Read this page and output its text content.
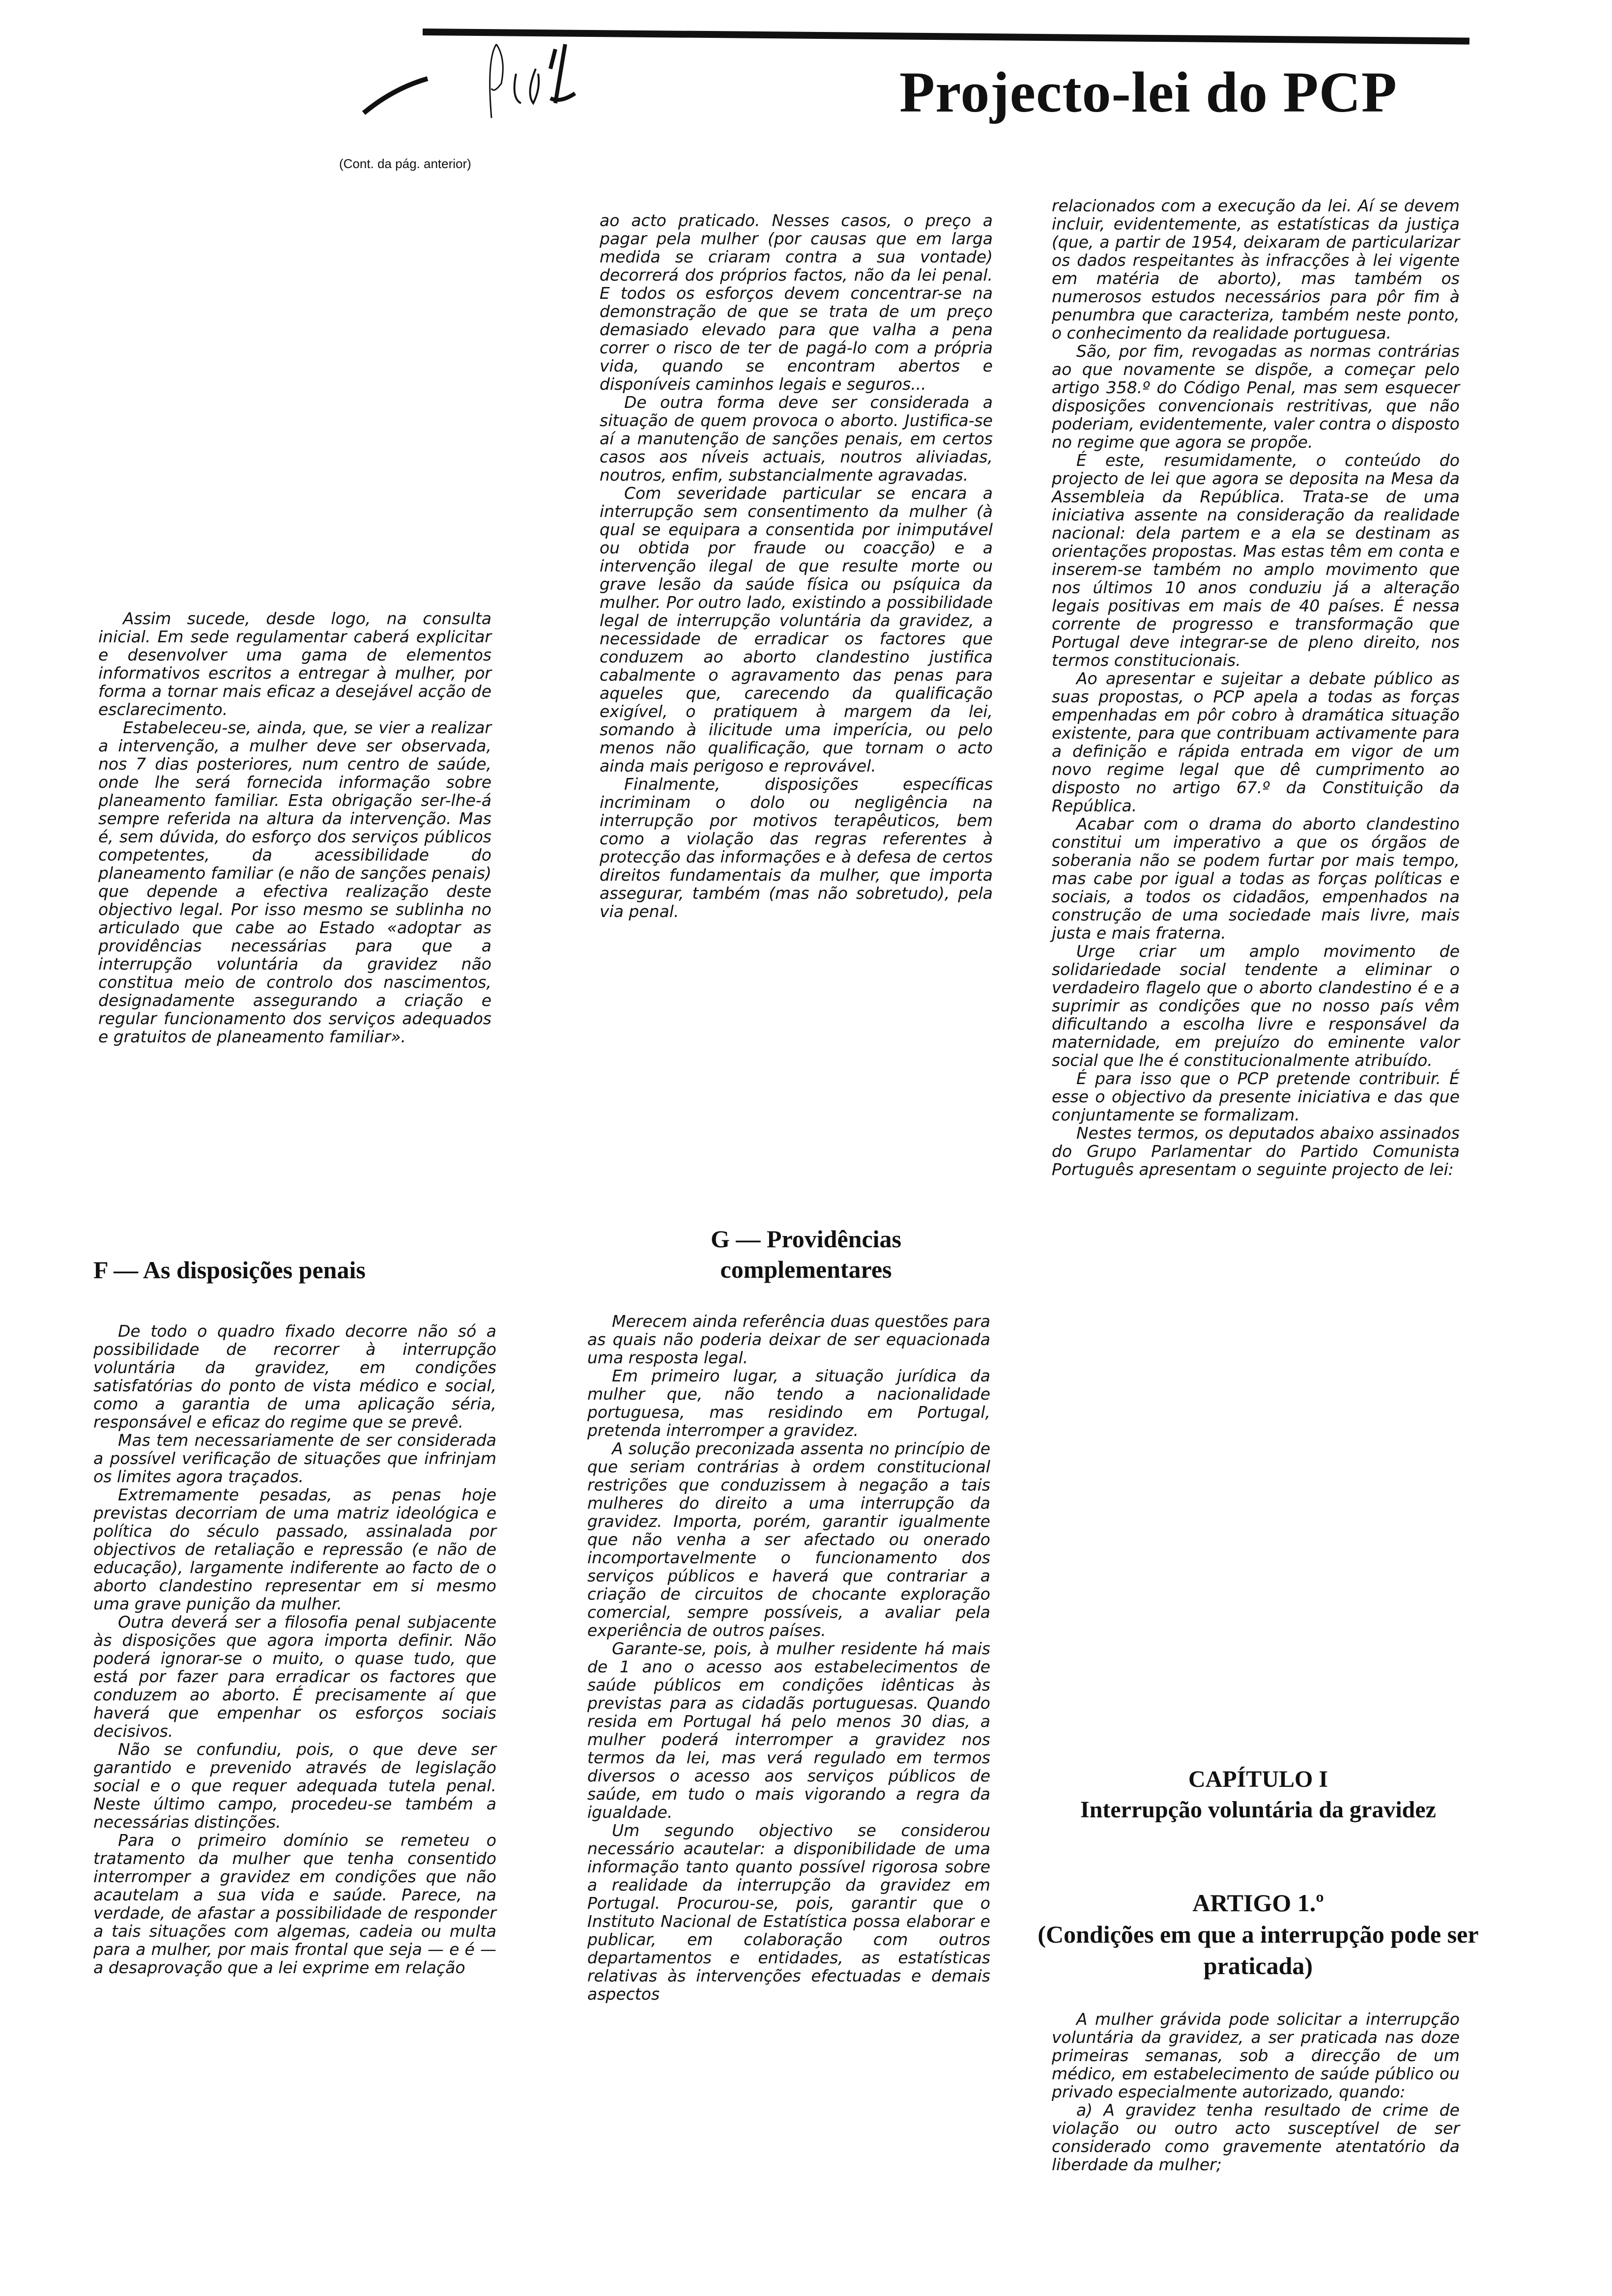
Projecto-lei do PCP
(Cont. da pág. anterior)

Assim sucede, desde logo, na consulta inicial. Em sede regulamentar caberá explicitar e desenvolver uma gama de elementos informativos escritos a entregar à mulher, por forma a tornar mais eficaz a desejável acção de esclarecimento.

Estabeleceu-se, ainda, que, se vier a realizar a intervenção, a mulher deve ser observada, nos 7 dias posteriores, num centro de saúde, onde lhe será fornecida informação sobre planeamento familiar. Esta obrigação ser-lhe-á sempre referida na altura da intervenção. Mas é, sem dúvida, do esforço dos serviços públicos competentes, da acessibilidade do planeamento familiar (e não de sanções penais) que depende a efectiva realização deste objectivo legal. Por isso mesmo se sublinha no articulado que cabe ao Estado «adoptar as providências necessárias para que a interrupção voluntária da gravidez não constitua meio de controlo dos nascimentos, designadamente assegurando a criação e regular funcionamento dos serviços adequados e gratuitos de planeamento familiar».

F — As disposições penais

De todo o quadro fixado decorre não só a possibilidade de recorrer à interrupção voluntária da gravidez, em condições satisfatórias do ponto de vista médico e social, como a garantia de uma aplicação séria, responsável e eficaz do regime que se prevê.

Mas tem necessariamente de ser considerada a possível verificação de situações que infrinjam os limites agora traçados.

Extremamente pesadas, as penas hoje previstas decorriam de uma matriz ideológica e política do século passado, assinalada por objectivos de retaliação e repressão (e não de educação), largamente indiferente ao facto de o aborto clandestino representar em si mesmo uma grave punição da mulher.

Outra deverá ser a filosofia penal subjacente às disposições que agora importa definir. Não poderá ignorar-se o muito, o quase tudo, que está por fazer para erradicar os factores que conduzem ao aborto. É precisamente aí que haverá que empenhar os esforços sociais decisivos.

Não se confundiu, pois, o que deve ser garantido e prevenido através de legislação social e o que requer adequada tutela penal. Neste último campo, procedeu-se também a necessárias distinções.

Para o primeiro domínio se remeteu o tratamento da mulher que tenha consentido interromper a gravidez em condições que não acautelam a sua vida e saúde. Parece, na verdade, de afastar a possibilidade de responder a tais situações com algemas, cadeia ou multa para a mulher, por mais frontal que seja — e é — a desaprovação que a lei exprime em relação

ao acto praticado. Nesses casos, o preço a pagar pela mulher (por causas que em larga medida se criaram contra a sua vontade) decorrerá dos próprios factos, não da lei penal. E todos os esforços devem concentrar-se na demonstração de que se trata de um preço demasiado elevado para que valha a pena correr o risco de ter de pagá-lo com a própria vida, quando se encontram abertos e disponíveis caminhos legais e seguros...

De outra forma deve ser considerada a situação de quem provoca o aborto. Justifica-se aí a manutenção de sanções penais, em certos casos aos níveis actuais, noutros aliviadas, noutros, enfim, substancialmente agravadas.

Com severidade particular se encara a interrupção sem consentimento da mulher (à qual se equipara a consentida por inimputável ou obtida por fraude ou coacção) e a intervenção ilegal de que resulte morte ou grave lesão da saúde física ou psíquica da mulher. Por outro lado, existindo a possibilidade legal de interrupção voluntária da gravidez, a necessidade de erradicar os factores que conduzem ao aborto clandestino justifica cabalmente o agravamento das penas para aqueles que, carecendo da qualificação exigível, o pratiquem à margem da lei, somando à ilicitude uma imperícia, ou pelo menos não qualificação, que tornam o acto ainda mais perigoso e reprovável.

Finalmente, disposições específicas incriminam o dolo ou negligência na interrupção por motivos terapêuticos, bem como a violação das regras referentes à protecção das informações e à defesa de certos direitos fundamentais da mulher, que importa assegurar, também (mas não sobretudo), pela via penal.

G — Providências
complementares

Merecem ainda referência duas questões para as quais não poderia deixar de ser equacionada uma resposta legal.

Em primeiro lugar, a situação jurídica da mulher que, não tendo a nacionalidade portuguesa, mas residindo em Portugal, pretenda interromper a gravidez.

A solução preconizada assenta no princípio de que seriam contrárias à ordem constitucional restrições que conduzissem à negação a tais mulheres do direito a uma interrupção da gravidez. Importa, porém, garantir igualmente que não venha a ser afectado ou onerado incomportavelmente o funcionamento dos serviços públicos e haverá que contrariar a criação de circuitos de chocante exploração comercial, sempre possíveis, a avaliar pela experiência de outros países.

Garante-se, pois, à mulher residente há mais de 1 ano o acesso aos estabelecimentos de saúde públicos em condições idênticas às previstas para as cidadãs portuguesas. Quando resida em Portugal há pelo menos 30 dias, a mulher poderá interromper a gravidez nos termos da lei, mas verá regulado em termos diversos o acesso aos serviços públicos de saúde, em tudo o mais vigorando a regra da igualdade.

Um segundo objectivo se considerou necessário acautelar: a disponibilidade de uma informação tanto quanto possível rigorosa sobre a realidade da interrupção da gravidez em Portugal. Procurou-se, pois, garantir que o Instituto Nacional de Estatística possa elaborar e publicar, em colaboração com outros departamentos e entidades, as estatísticas relativas às intervenções efectuadas e demais aspectos

relacionados com a execução da lei. Aí se devem incluir, evidentemente, as estatísticas da justiça (que, a partir de 1954, deixaram de particularizar os dados respeitantes às infracções à lei vigente em matéria de aborto), mas também os numerosos estudos necessários para pôr fim à penumbra que caracteriza, também neste ponto, o conhecimento da realidade portuguesa.

São, por fim, revogadas as normas contrárias ao que novamente se dispõe, a começar pelo artigo 358.º do Código Penal, mas sem esquecer disposições convencionais restritivas, que não poderiam, evidentemente, valer contra o disposto no regime que agora se propõe.

É este, resumidamente, o conteúdo do projecto de lei que agora se deposita na Mesa da Assembleia da República. Trata-se de uma iniciativa assente na consideração da realidade nacional: dela partem e a ela se destinam as orientações propostas. Mas estas têm em conta e inserem-se também no amplo movimento que nos últimos 10 anos conduziu já a alteração legais positivas em mais de 40 países. É nessa corrente de progresso e transformação que Portugal deve integrar-se de pleno direito, nos termos constitucionais.

Ao apresentar e sujeitar a debate público as suas propostas, o PCP apela a todas as forças empenhadas em pôr cobro à dramática situação existente, para que contribuam activamente para a definição e rápida entrada em vigor de um novo regime legal que dê cumprimento ao disposto no artigo 67.º da Constituição da República.

Acabar com o drama do aborto clandestino constitui um imperativo a que os órgãos de soberania não se podem furtar por mais tempo, mas cabe por igual a todas as forças políticas e sociais, a todos os cidadãos, empenhados na construção de uma sociedade mais livre, mais justa e mais fraterna.

Urge criar um amplo movimento de solidariedade social tendente a eliminar o verdadeiro flagelo que o aborto clandestino é e a suprimir as condições que no nosso país vêm dificultando a escolha livre e responsável da maternidade, em prejuízo do eminente valor social que lhe é constitucionalmente atribuído.

É para isso que o PCP pretende contribuir. É esse o objectivo da presente iniciativa e das que conjuntamente se formalizam.

Nestes termos, os deputados abaixo assinados do Grupo Parlamentar do Partido Comunista Português apresentam o seguinte projecto de lei:

CAPÍTULO I
Interrupção voluntária da gravidez
ARTIGO 1.º
(Condições em que a interrupção pode ser praticada)

A mulher grávida pode solicitar a interrupção voluntária da gravidez, a ser praticada nas doze primeiras semanas, sob a direcção de um médico, em estabelecimento de saúde público ou privado especialmente autorizado, quando:

a) A gravidez tenha resultado de crime de violação ou outro acto susceptível de ser considerado como gravemente atentatório da liberdade da mulher;
